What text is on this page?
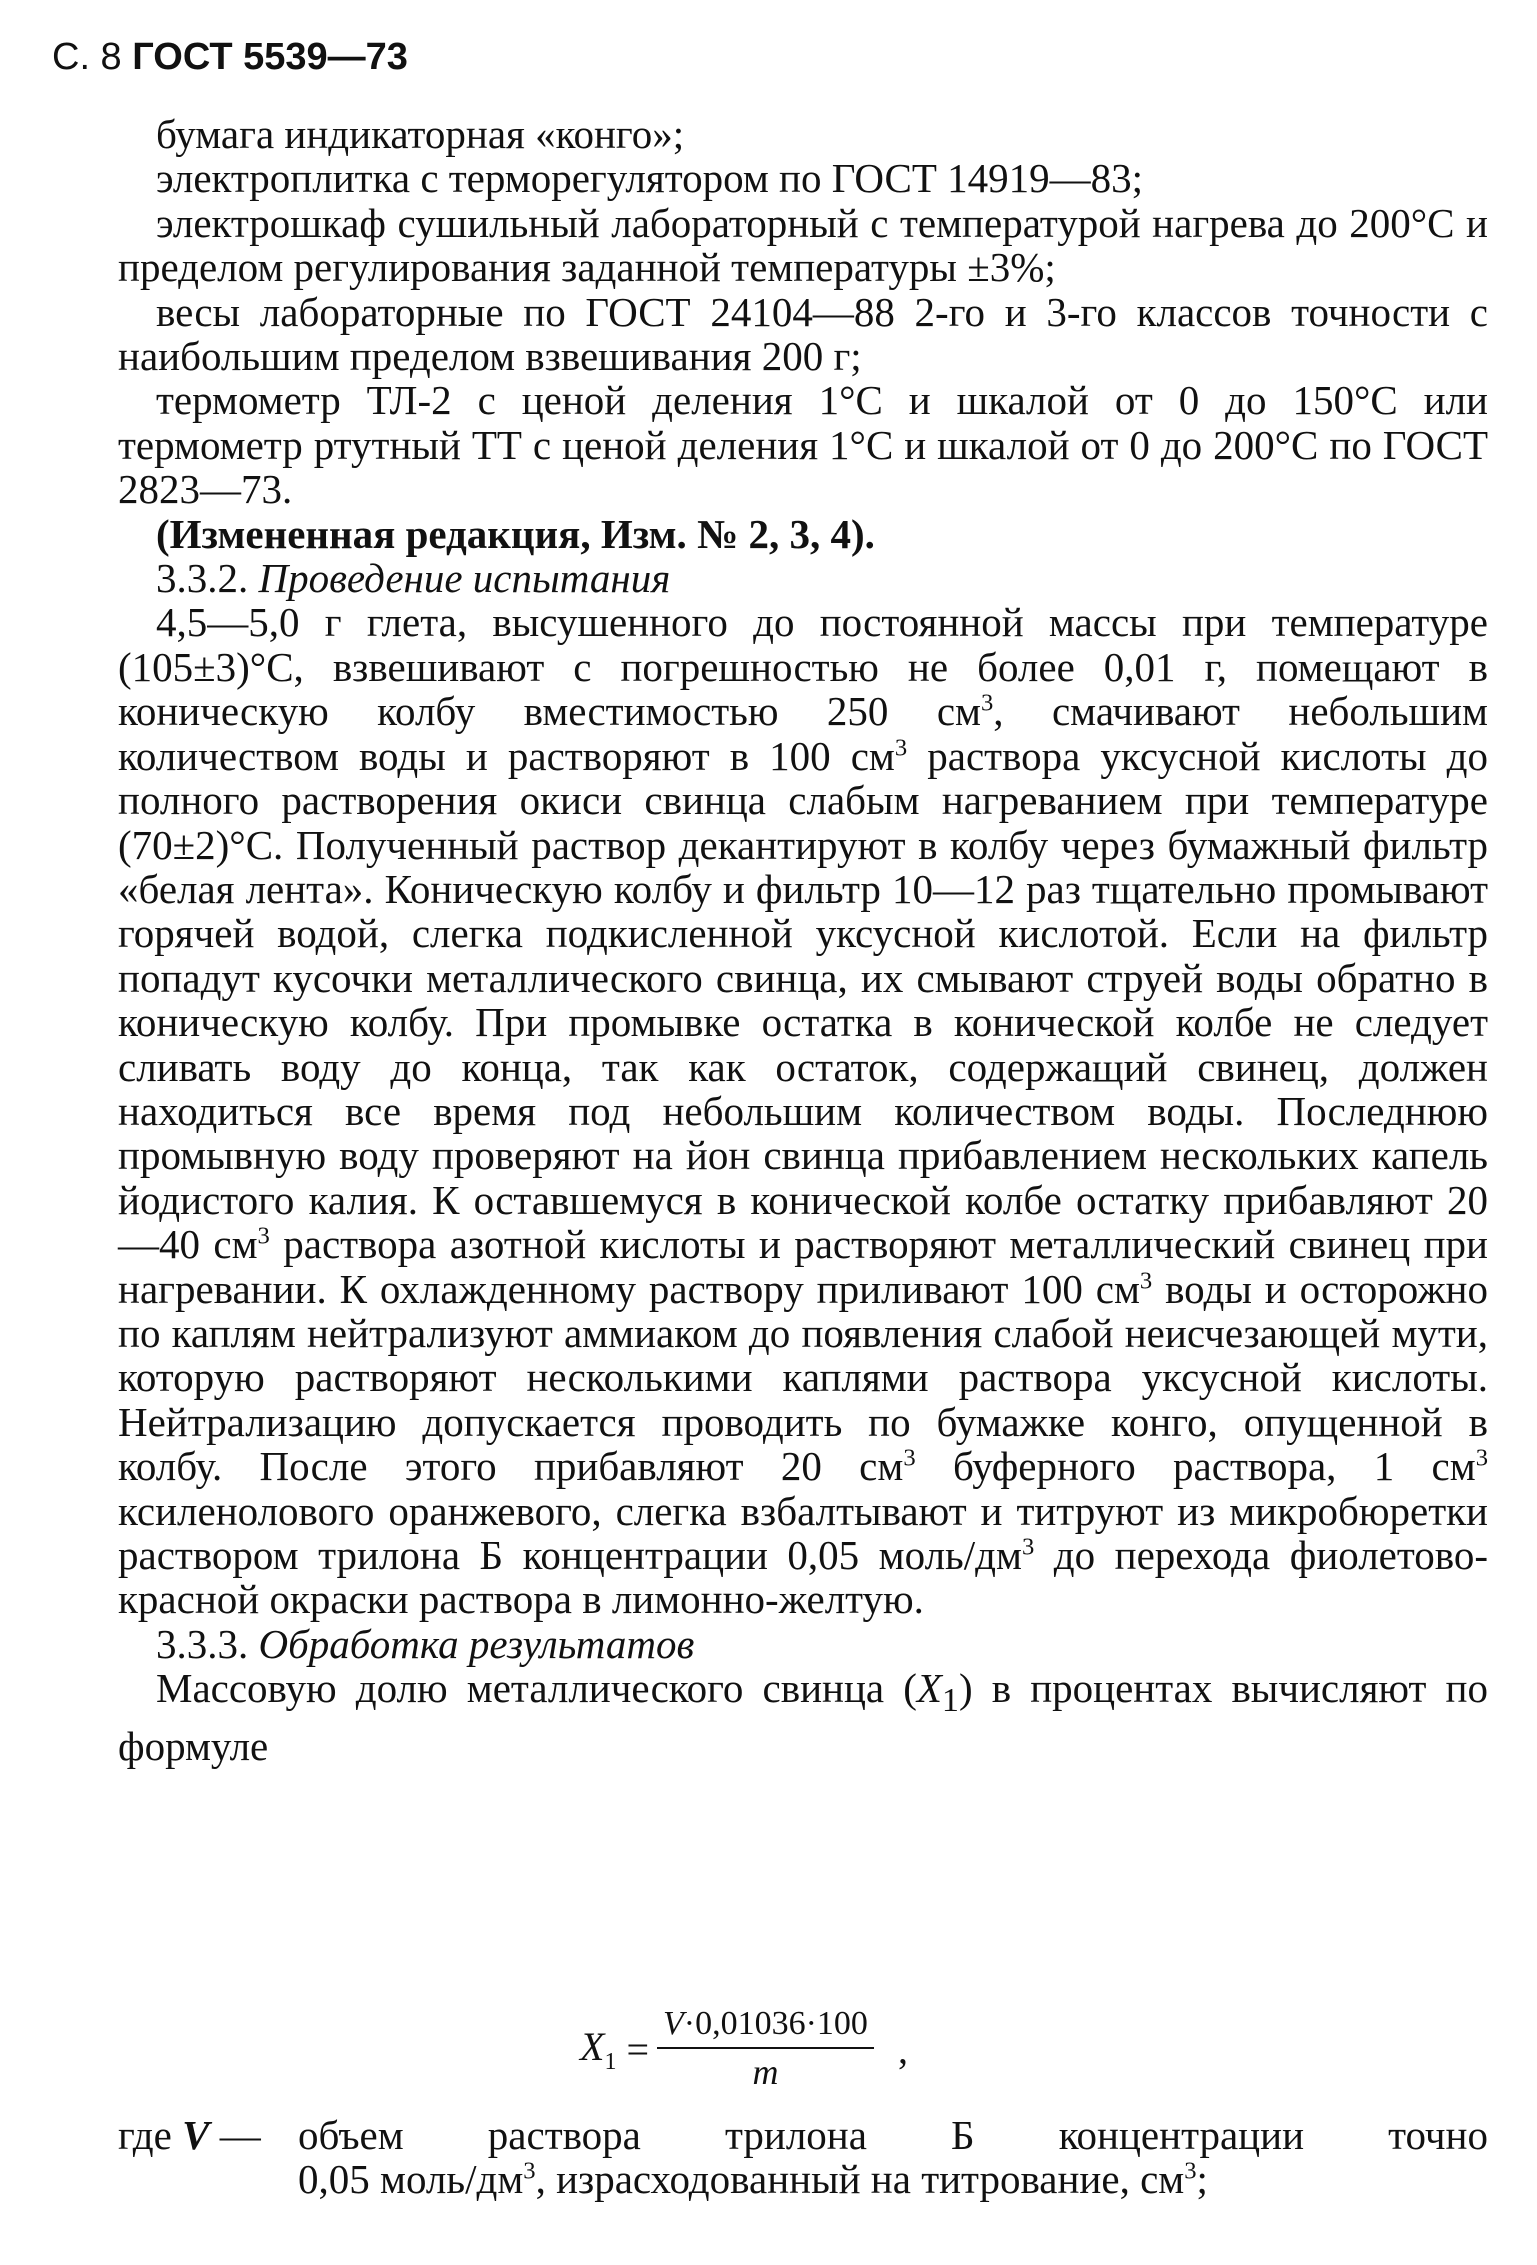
С. 8 ГОСТ 5539—73

бумага индикаторная «конго»;

электроплитка с терморегулятором по ГОСТ 14919—83;

электрошкаф сушильный лабораторный с температурой нагрева до 200°С и пределом регулирования заданной температуры ±3%;

весы лабораторные по ГОСТ 24104—88 2-го и 3-го классов точности с наибольшим пределом взвешивания 200 г;

термометр ТЛ-2 с ценой деления 1°С и шкалой от 0 до 150°С или термометр ртутный ТТ с ценой деления 1°С и шкалой от 0 до 200°С по ГОСТ 2823—73.

(Измененная редакция, Изм. № 2, 3, 4).

3.3.2. Проведение испытания

4,5—5,0 г глета, высушенного до постоянной массы при температуре (105±3)°С, взвешивают с погрешностью не более 0,01 г, помещают в коническую колбу вместимостью 250 $см^3$, смачивают небольшим количеством воды и растворяют в 100 $см^3$ раствора уксусной кислоты до полного растворения окиси свинца слабым нагреванием при температуре (70±2)°С. Полученный раствор декантируют в колбу через бумажный фильтр «белая лента». Коническую колбу и фильтр 10—12 раз тщательно промывают горячей водой, слегка подкисленной уксусной кислотой. Если на фильтр попадут кусочки металлического свинца, их смывают струей воды обратно в коническую колбу. При промывке остатка в конической колбе не следует сливать воду до конца, так как остаток, содержащий свинец, должен находиться все время под небольшим количеством воды. Последнюю промывную воду проверяют на йон свинца прибавлением нескольких капель йодистого калия. К оставшемуся в конической колбе остатку прибавляют 20—40 $см^3$ раствора азотной кислоты и растворяют металлический свинец при нагревании. К охлажденному раствору приливают 100 $см^3$ воды и осторожно по каплям нейтрализуют аммиаком до появления слабой неисчезающей мути, которую растворяют несколькими каплями раствора уксусной кислоты. Нейтрализацию допускается проводить по бумажке конго, опущенной в колбу. После этого прибавляют 20 $см^3$ буферного раствора, 1 $см^3$ ксиленолового оранжевого, слегка взбалтывают и титруют из микробюретки раствором трилона Б концентрации 0,05 моль/$дм^3$ до перехода фиолетово-красной окраски раствора в лимонно-желтую.

3.3.3. Обработка результатов

Массовую долю металлического свинца $(X_1)$ в процентах вычисляют по формуле

$X_1 = \frac{V\cdot 0,01036\cdot 100}{m}$ ,
где V — объем раствора трилона Б концентрации точно
0,05 моль/$дм^3$, израсходованный на титрование, $см^3$;
